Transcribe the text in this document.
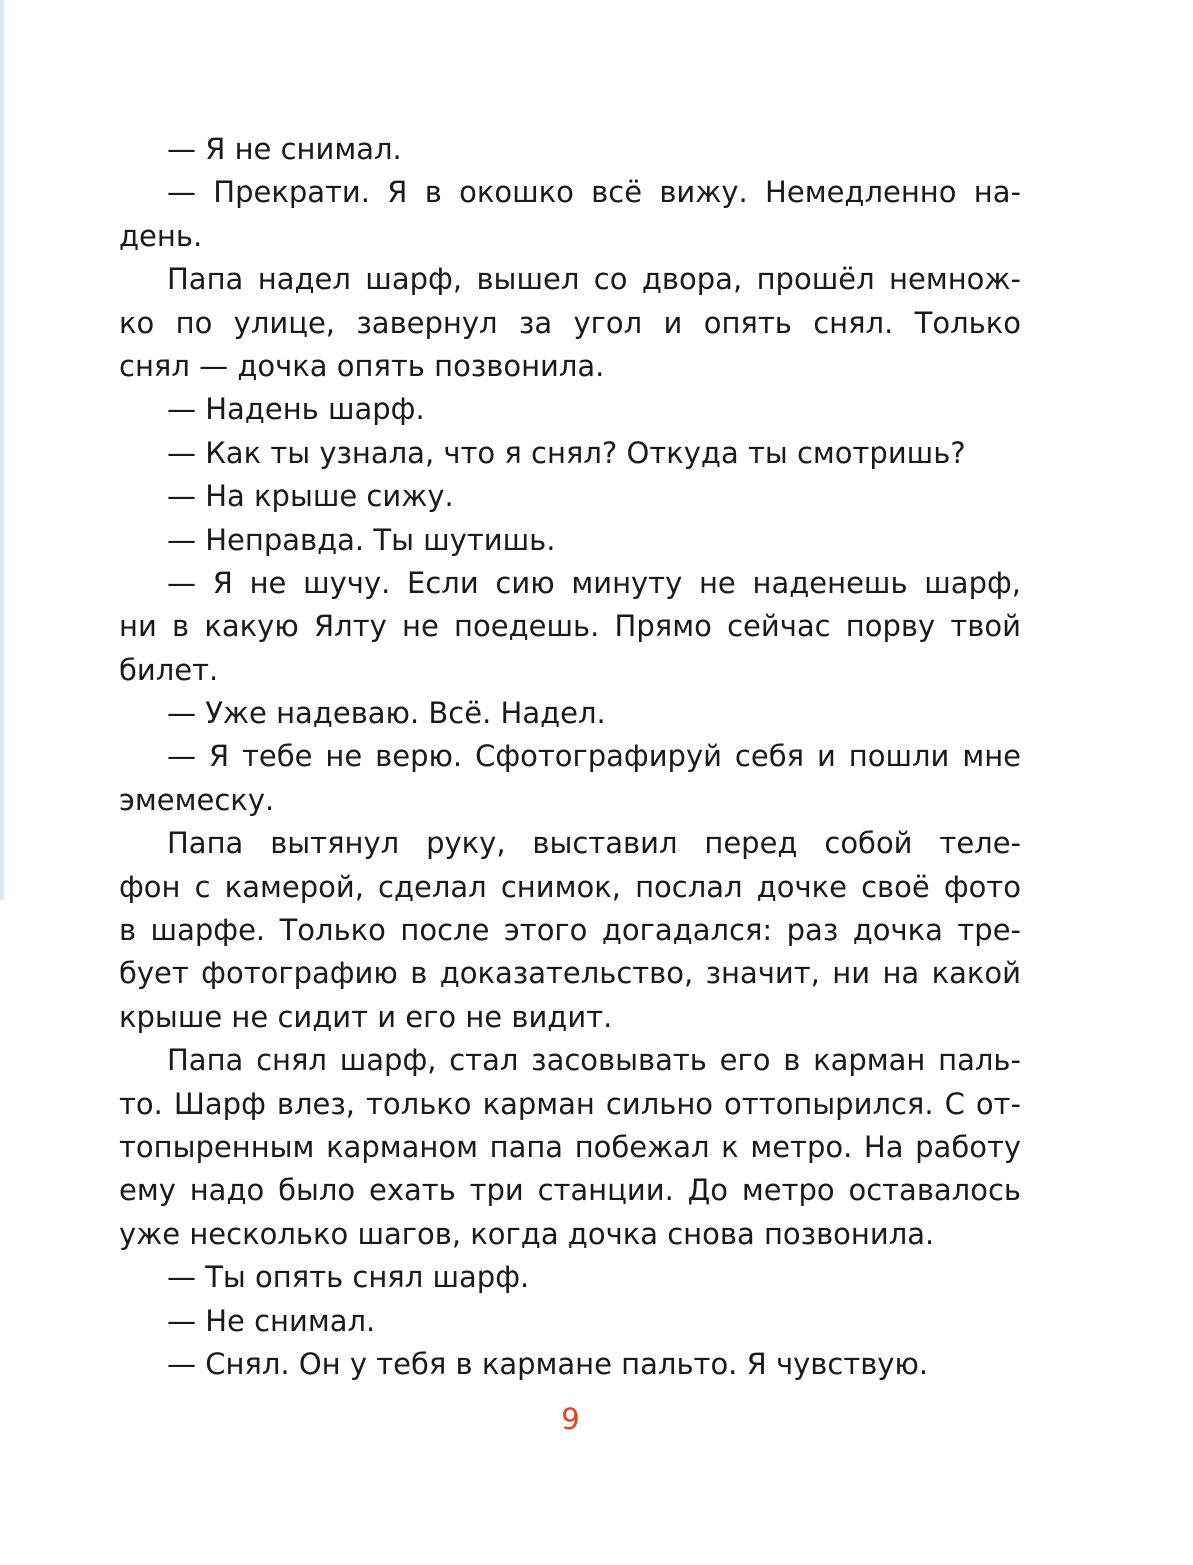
— Я не снимал.
— Прекрати. Я в окошко всё вижу. Немедленно на-
день.
Папа надел шарф, вышел со двора, прошёл немнож-
ко по улице, завернул за угол и опять снял. Только
снял — дочка опять позвонила.
— Надень шарф.
— Как ты узнала, что я снял? Откуда ты смотришь?
— На крыше сижу.
— Неправда. Ты шутишь.
— Я не шучу. Если сию минуту не наденешь шарф,
ни в какую Ялту не поедешь. Прямо сейчас порву твой
билет.
— Уже надеваю. Всё. Надел.
— Я тебе не верю. Сфотографируй себя и пошли мне
эмемеску.
Папа вытянул руку, выставил перед собой теле-
фон с камерой, сделал снимок, послал дочке своё фото
в шарфе. Только после этого догадался: раз дочка тре-
бует фотографию в доказательство, значит, ни на какой
крыше не сидит и его не видит.
Папа снял шарф, стал засовывать его в карман паль-
то. Шарф влез, только карман сильно оттопырился. С от-
топыренным карманом папа побежал к метро. На работу
ему надо было ехать три станции. До метро оставалось
уже несколько шагов, когда дочка снова позвонила.
— Ты опять снял шарф.
— Не снимал.
— Снял. Он у тебя в кармане пальто. Я чувствую.
9
